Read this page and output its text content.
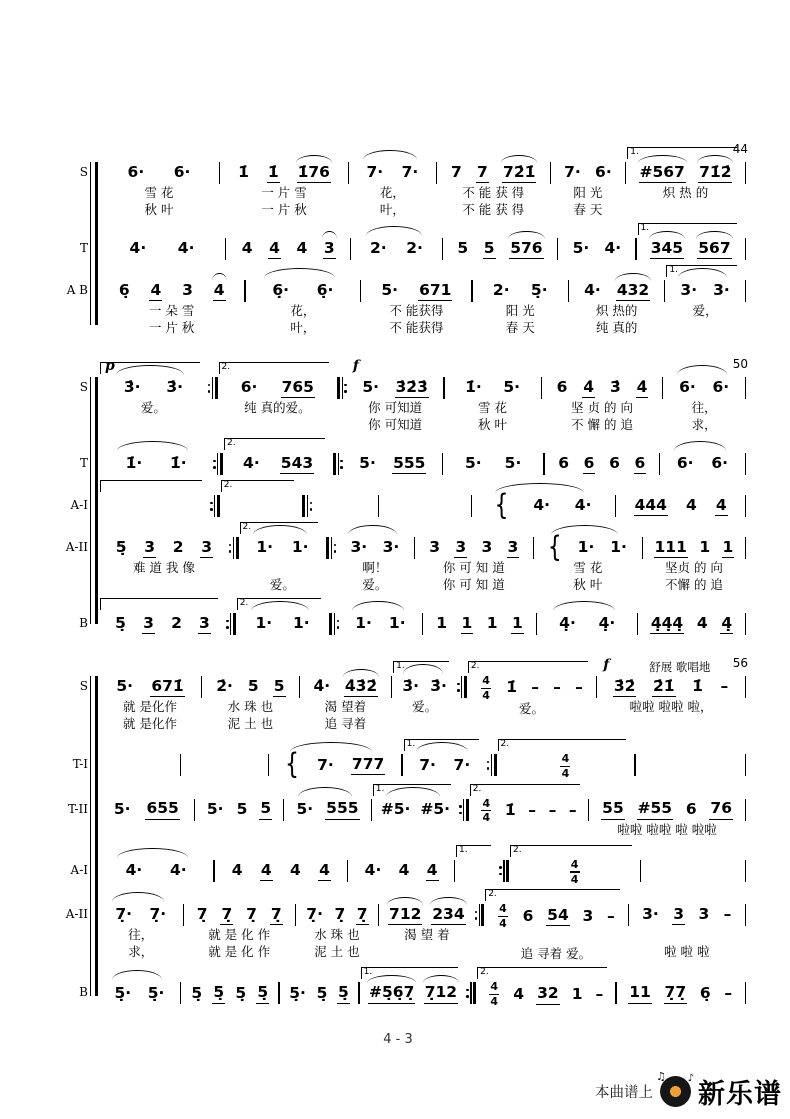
44
S	6· 6·
雪 花
秋 叶
1̇ 1̇ 1̇76
一 片 雪
一 片 秋
7· 7·
花，
叶，
7 7 72̇1̇
不 能 获 得
不 能 获 得
7· 6·
阳 光
春 天
1.
#567 71̇2̇
炽 热 的
T	4· 4·	4 4 4 3 2· 2· 5 5 576 5· 4·
1.
345 567
A B	6̣ 4 3 4
一 朵 雪
一 片 秋
6̣· 6̣·
花，
叶，
5· 671
不 能获得
不 能获得
2· 5̣·
阳 光
春 天
4· 432
炽 热的
纯 真的
1.
3· 3·
爱，
50
S
p
3̇· 3̇·
爱。
2.
6· 765
纯 真的爱。
f
5· 3̇2̇3̇
你 可知道
你 可知道
1̇· 5·
雪 花
秋 叶
6 4̇ 3̇ 4̇
坚 贞 的 向
不 懈 的 追
6· 6·
往，
求，
T	1̇· 1̇·
2.
4· 543	5· 555	5· 5· 6 6 6 6 6· 6·
A-I
2.
{ 4· 4·	444 4 4
A-II	5̣ 3 2 3
难 道 我 像
2.
1· 1·
爱。
3· 3·
啊！
爱。
3 3 3 3
你 可 知 道
你 可 知 道
{ 1· 1·
雪 花
秋 叶
111 1 1
坚贞 的 向
不懈 的 追
B	5̣ 3 2 3
2.
1· 1·	1· 1· 1 1 1 1 4̣· 4̣· 4̣4̣4̣ 4 4̣
56
S	5· 671̇
就 是化作
就 是化作
2̇· 5 5
水 珠 也
泥 土 也
4̇· 4̇3̇2̇
渴 望着
追 寻着
1.
3̇· 3̇·
爱。
2.
4
4 1̇ – – –
爱。
f	舒展 歌唱地
3̇2̇ 2̇1̇ 1̇ –
啦啦 啦啦 啦，
T-I	{ 7· 777
1.
7· 7·
2.
4
4
T-II	5· 655 5· 5 5 5· 555
1.
#5· #5·
2.
4
4 1̇ – – – 55 #55 6 76
啦啦 啦啦 啦 啦啦
A-I	4· 4·	4 4 4 4 4· 4 4
1.	2.
4
4
A-II	7̣· 7̣·
往，
求，
7̣ 7̣ 7̣ 7̣
就 是 化 作
就 是 化 作
7̣· 7̣ 7̣
水 珠 也
泥 土 也
712 234
渴 望 着
2.
4
4 6 54 3 –
追 寻着 爱。
3· 3 3 –
啦 啦 啦
B	5̣· 5̣· 5̣ 5̣ 5̣ 5̣ 5̣· 5̣ 5̣
1.
#5̣6̣7̣ 7̣12
2.
4
4 4 32 1 – 11 7̣7̣ 6̣ –
4 - 3
本曲谱上 ♫ ♪ 新乐谱
